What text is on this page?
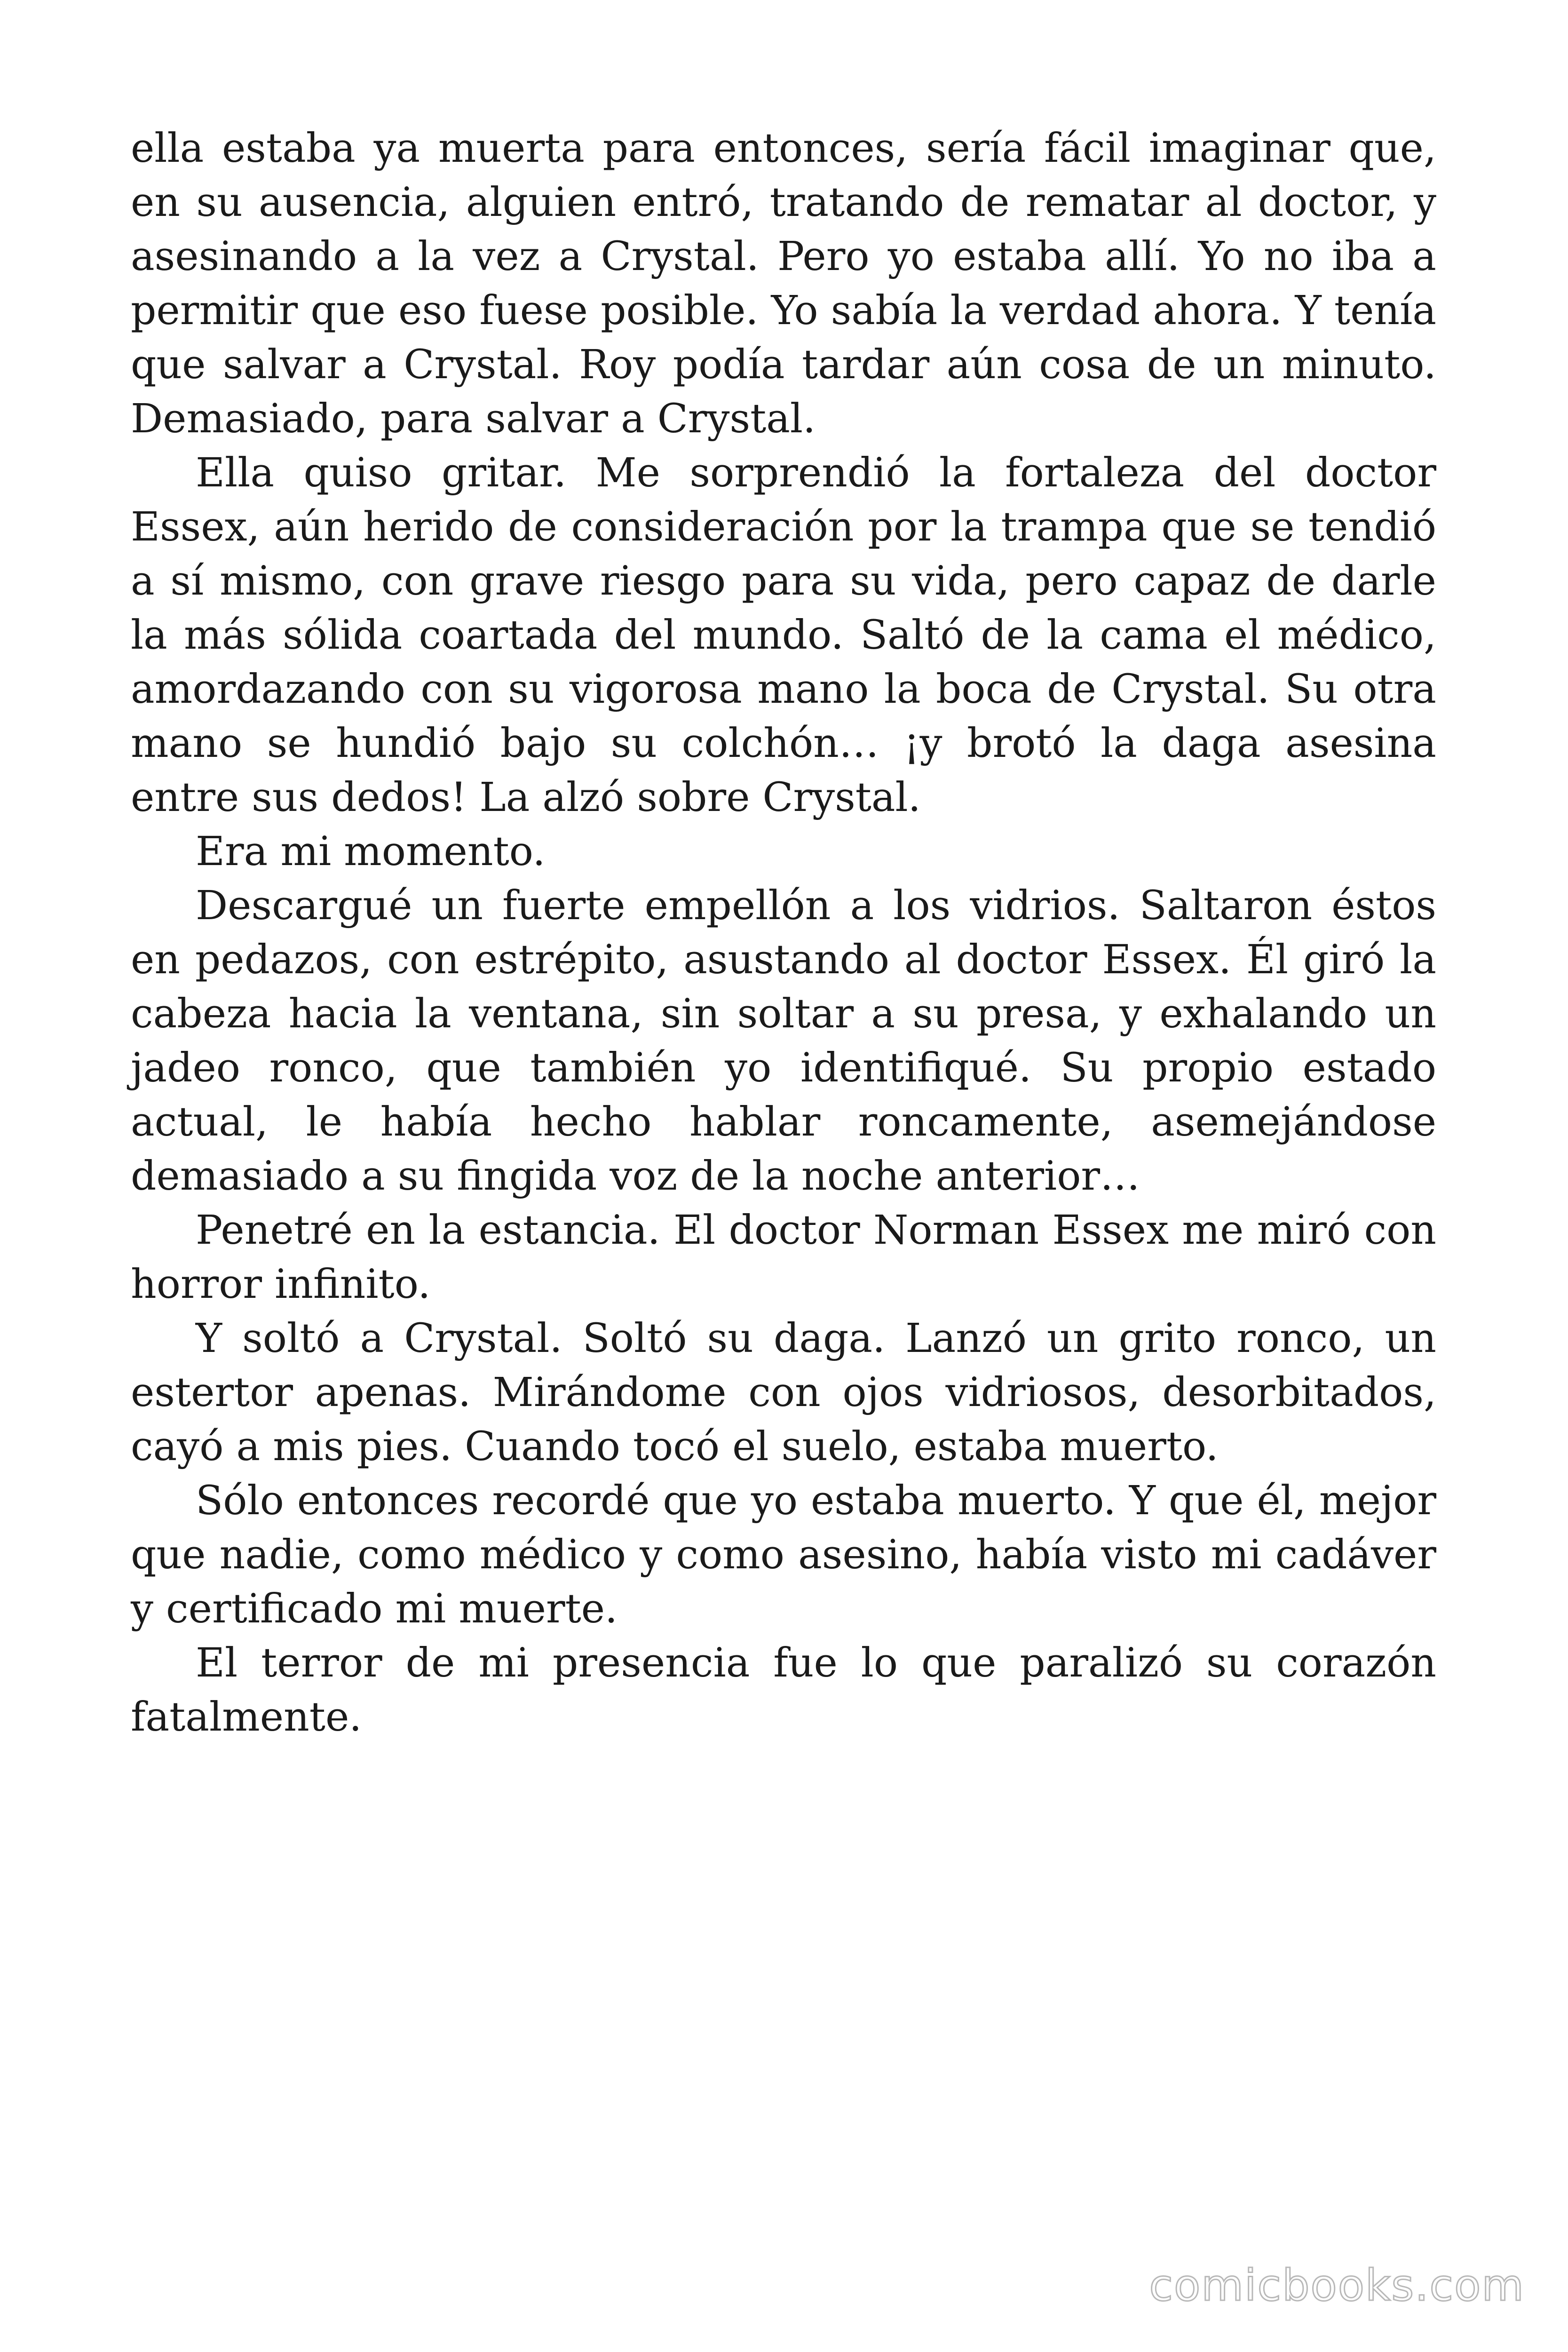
ella estaba ya muerta para entonces, sería fácil imaginar que, en su ausencia, alguien entró, tratando de rematar al doctor, y asesinando a la vez a Crystal. Pero yo estaba allí. Yo no iba a permitir que eso fuese posible. Yo sabía la verdad ahora. Y tenía que salvar a Crystal. Roy podía tardar aún cosa de un minuto. Demasiado, para salvar a Crystal.

Ella quiso gritar. Me sorprendió la fortaleza del doctor Essex, aún herido de consideración por la trampa que se tendió a sí mismo, con grave riesgo para su vida, pero capaz de darle la más sólida coartada del mundo. Saltó de la cama el médico, amordazando con su vigorosa mano la boca de Crystal. Su otra mano se hundió bajo su colchón… ¡y brotó la daga asesina entre sus dedos! La alzó sobre Crystal.

Era mi momento.

Descargué un fuerte empellón a los vidrios. Saltaron éstos en pedazos, con estrépito, asustando al doctor Essex. Él giró la cabeza hacia la ventana, sin soltar a su presa, y exhalando un jadeo ronco, que también yo identifiqué. Su propio estado actual, le había hecho hablar roncamente, asemejándose demasiado a su fingida voz de la noche anterior…

Penetré en la estancia. El doctor Norman Essex me miró con horror infinito.

Y soltó a Crystal. Soltó su daga. Lanzó un grito ronco, un estertor apenas. Mirándome con ojos vidriosos, desorbitados, cayó a mis pies. Cuando tocó el suelo, estaba muerto.

Sólo entonces recordé que yo estaba muerto. Y que él, mejor que nadie, como médico y como asesino, había visto mi cadáver y certificado mi muerte.

El terror de mi presencia fue lo que paralizó su corazón fatalmente.

comicbooks.com
